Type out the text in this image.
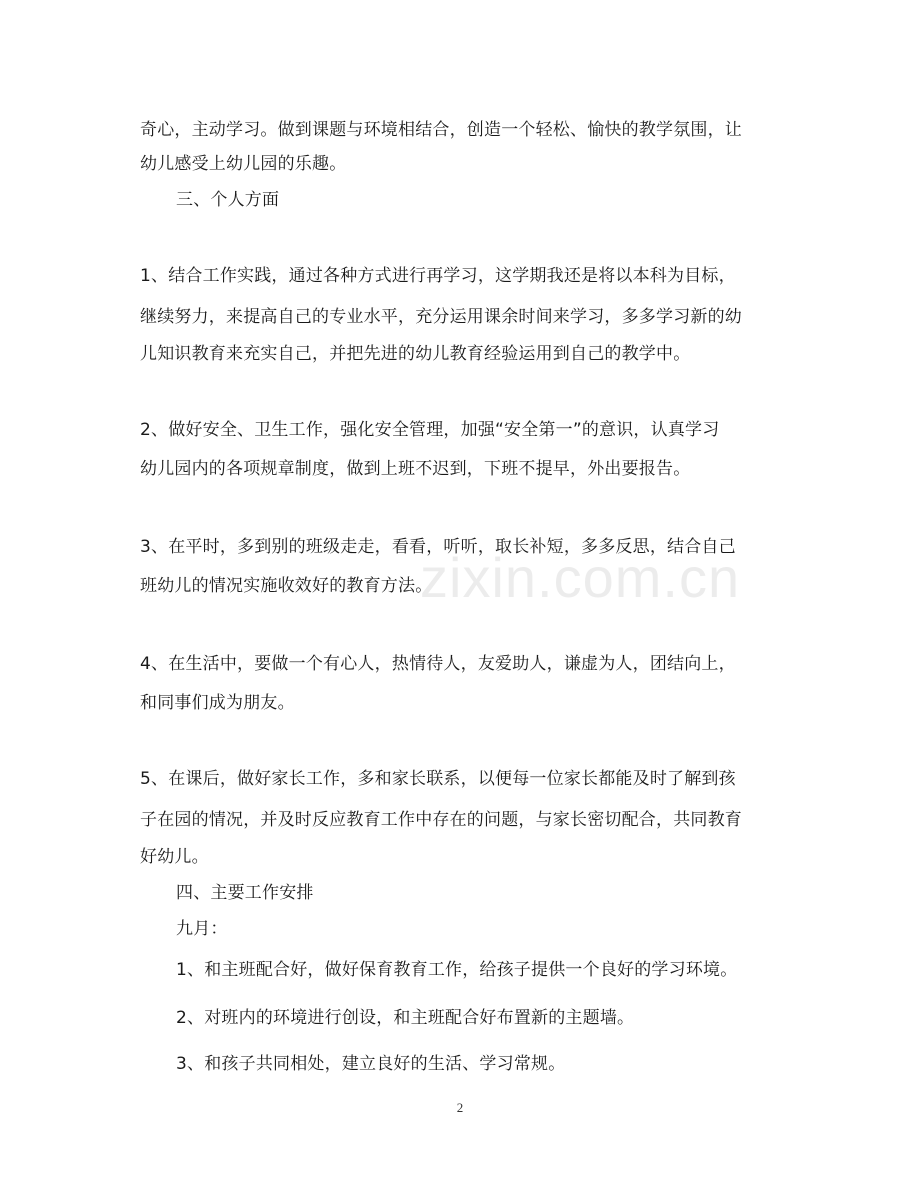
奇心，主动学习。做到课题与环境相结合，创造一个轻松、愉快的教学氛围，让
幼儿感受上幼儿园的乐趣。
三、个人方面
1、结合工作实践，通过各种方式进行再学习，这学期我还是将以本科为目标，
继续努力，来提高自己的专业水平，充分运用课余时间来学习，多多学习新的幼
儿知识教育来充实自己，并把先进的幼儿教育经验运用到自己的教学中。
2、做好安全、卫生工作，强化安全管理，加强“安全第一”的意识，认真学习
幼儿园内的各项规章制度，做到上班不迟到，下班不提早，外出要报告。
3、在平时，多到别的班级走走，看看，听听，取长补短，多多反思，结合自己
班幼儿的情况实施收效好的教育方法。
4、在生活中，要做一个有心人，热情待人，友爱助人，谦虚为人，团结向上，
和同事们成为朋友。
5、在课后，做好家长工作，多和家长联系，以便每一位家长都能及时了解到孩
子在园的情况，并及时反应教育工作中存在的问题，与家长密切配合，共同教育
好幼儿。
四、主要工作安排
九月：
1、和主班配合好，做好保育教育工作，给孩子提供一个良好的学习环境。
2、对班内的环境进行创设，和主班配合好布置新的主题墙。
3、和孩子共同相处，建立良好的生活、学习常规。
zixin.com.cn
2
